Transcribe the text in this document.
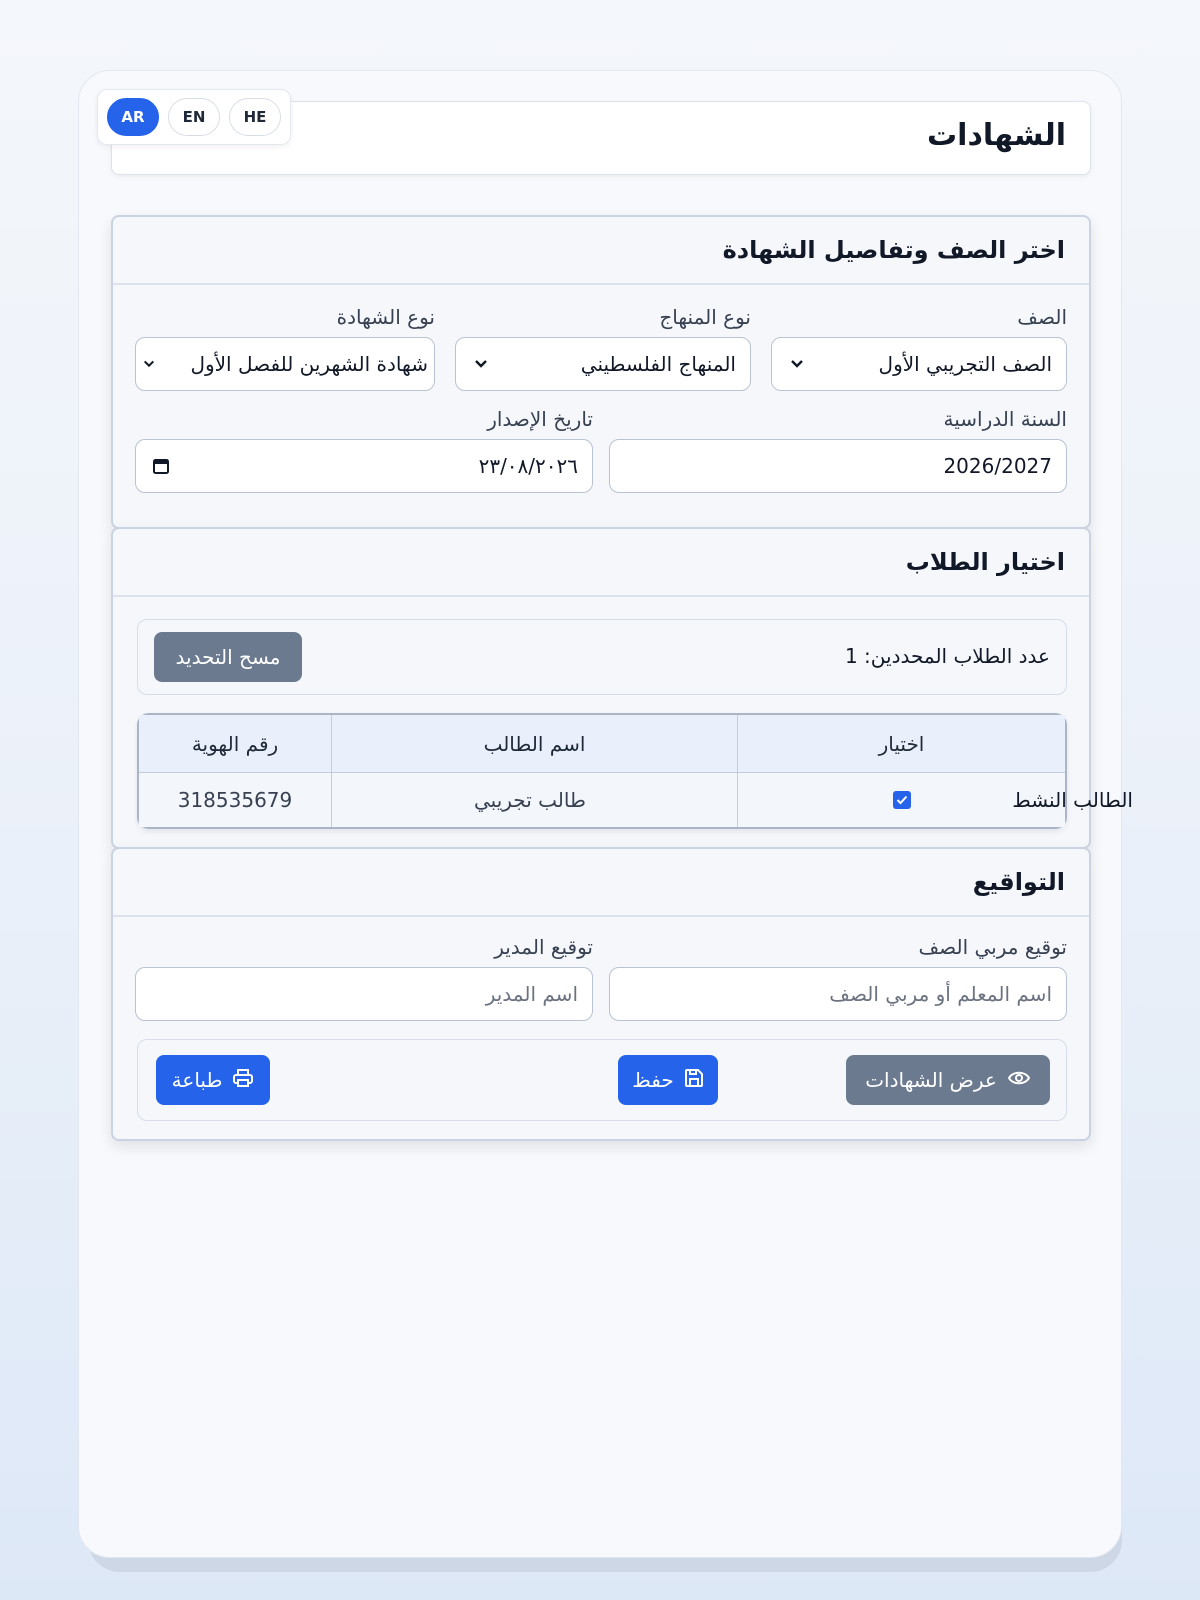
AR	EN	HE
الشهادات
اختر الصف وتفاصيل الشهادة
الصف
الصف التجريبي الأول
نوع المنهاج
المنهاج الفلسطيني
نوع الشهادة
شهادة الشهرين للفصل الأول
السنة الدراسية
2026/2027
تاريخ الإصدار
٢٣/٠٨/٢٠٢٦
اختيار الطلاب
عدد الطلاب المحددين: 1
مسح التحديد
اختيار
اسم الطالب
رقم الهوية
الطالب النشط
طالب تجريبي
318535679
التواقيع
توقيع مربي الصف
اسم المعلم أو مربي الصف
توقيع المدير
اسم المدير
عرض الشهادات
حفظ
طباعة
